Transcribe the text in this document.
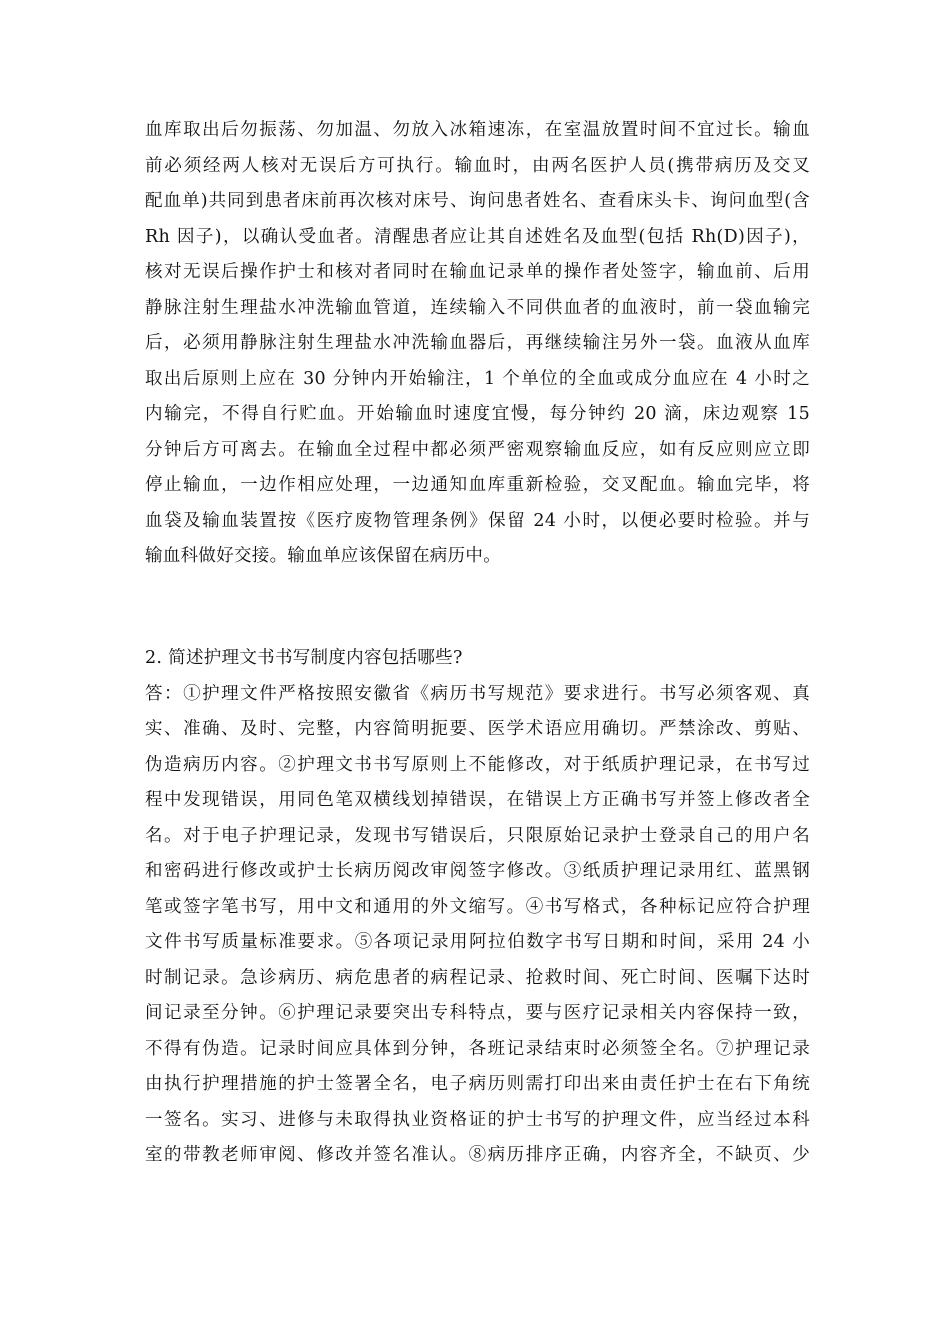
血库取出后勿振荡、勿加温、勿放入冰箱速冻，在室温放置时间不宜过长。输血
前必须经两人核对无误后方可执行。输血时，由两名医护人员(携带病历及交叉
配血单)共同到患者床前再次核对床号、询问患者姓名、查看床头卡、询问血型(含
Rh 因子)，以确认受血者。清醒患者应让其自述姓名及血型(包括 Rh(D)因子)，
核对无误后操作护士和核对者同时在输血记录单的操作者处签字，输血前、后用
静脉注射生理盐水冲洗输血管道，连续输入不同供血者的血液时，前一袋血输完
后，必须用静脉注射生理盐水冲洗输血器后，再继续输注另外一袋。血液从血库
取出后原则上应在 30 分钟内开始输注，1 个单位的全血或成分血应在 4 小时之
内输完，不得自行贮血。开始输血时速度宜慢，每分钟约 20 滴，床边观察 15
分钟后方可离去。在输血全过程中都必须严密观察输血反应，如有反应则应立即
停止输血，一边作相应处理，一边通知血库重新检验，交叉配血。输血完毕，将
血袋及输血装置按《医疗废物管理条例》保留 24 小时，以便必要时检验。并与
输血科做好交接。输血单应该保留在病历中。
2. 简述护理文书书写制度内容包括哪些?
答：①护理文件严格按照安徽省《病历书写规范》要求进行。书写必须客观、真
实、准确、及时、完整，内容简明扼要、医学术语应用确切。严禁涂改、剪贴、
伪造病历内容。②护理文书书写原则上不能修改，对于纸质护理记录，在书写过
程中发现错误，用同色笔双横线划掉错误，在错误上方正确书写并签上修改者全
名。对于电子护理记录，发现书写错误后，只限原始记录护士登录自己的用户名
和密码进行修改或护士长病历阅改审阅签字修改。③纸质护理记录用红、蓝黑钢
笔或签字笔书写，用中文和通用的外文缩写。④书写格式，各种标记应符合护理
文件书写质量标准要求。⑤各项记录用阿拉伯数字书写日期和时间，采用 24 小
时制记录。急诊病历、病危患者的病程记录、抢救时间、死亡时间、医嘱下达时
间记录至分钟。⑥护理记录要突出专科特点，要与医疗记录相关内容保持一致，
不得有伪造。记录时间应具体到分钟，各班记录结束时必须签全名。⑦护理记录
由执行护理措施的护士签署全名，电子病历则需打印出来由责任护士在右下角统
一签名。实习、进修与未取得执业资格证的护士书写的护理文件，应当经过本科
室的带教老师审阅、修改并签名准认。⑧病历排序正确，内容齐全，不缺页、少
